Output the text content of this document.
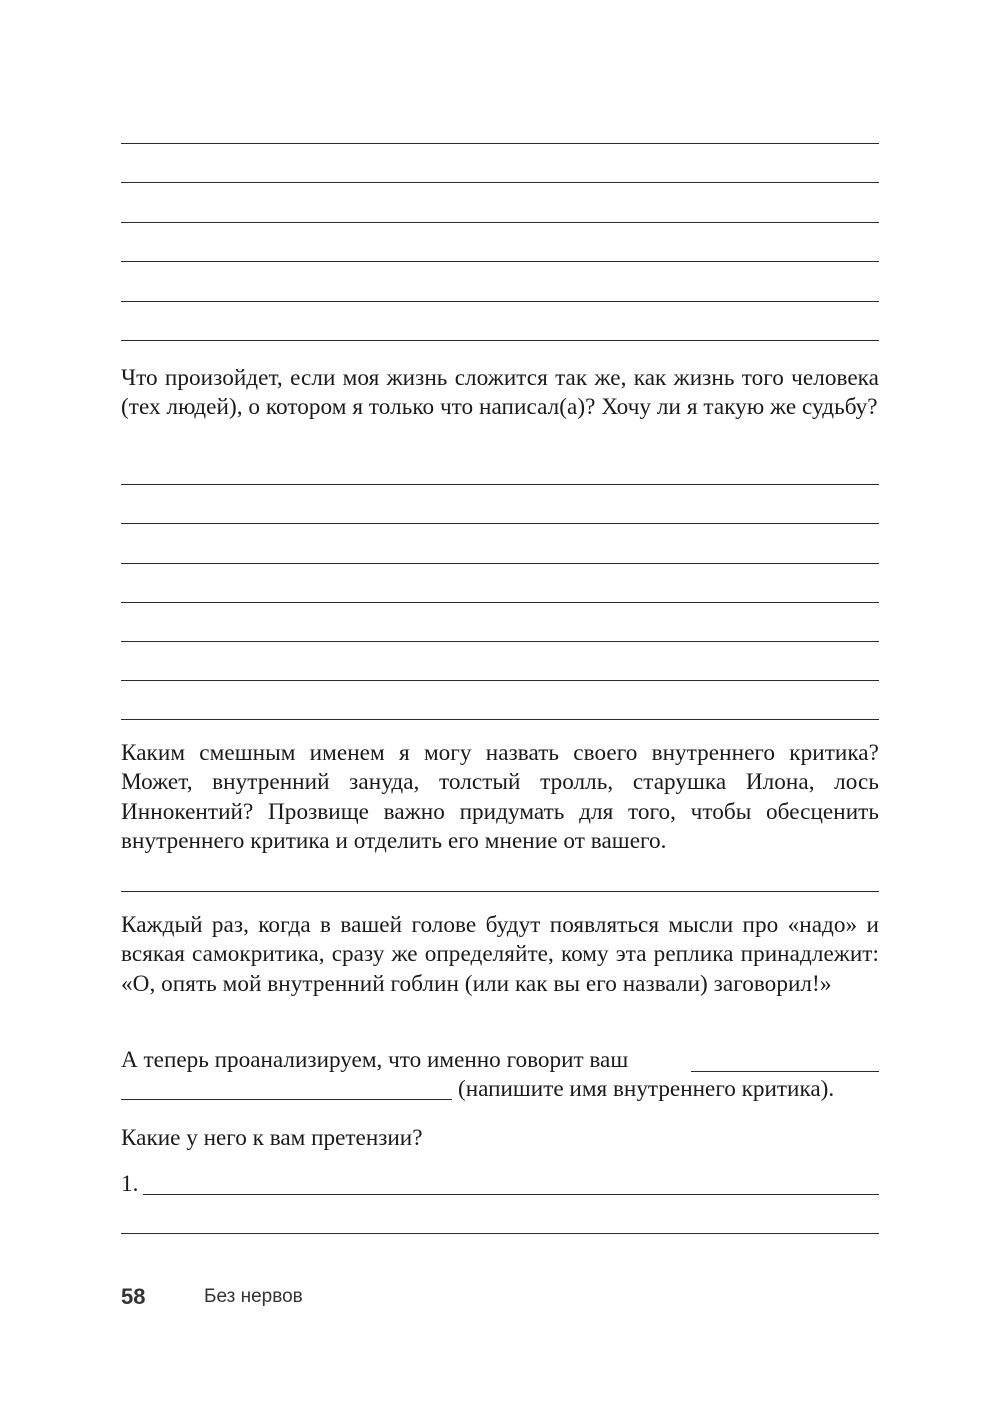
Что произойдет, если моя жизнь сложится так же, как жизнь того человека (тех людей), о котором я только что написал(а)? Хочу ли я такую же судьбу?
Каким смешным именем я могу назвать своего внутреннего критика? Может, внутренний зануда, толстый тролль, старушка Илона, лось Иннокентий? Прозвище важно придумать для того, чтобы обесценить внутреннего критика и отделить его мнение от вашего.
Каждый раз, когда в вашей голове будут появляться мысли про «надо» и всякая самокритика, сразу же определяйте, кому эта реплика принадлежит: «О, опять мой внутренний гоблин (или как вы его назвали) заговорил!»
А теперь проанализируем, что именно говорит ваш
(напишите имя внутреннего критика).
Какие у него к вам претензии?
1.
58	Без нервов
